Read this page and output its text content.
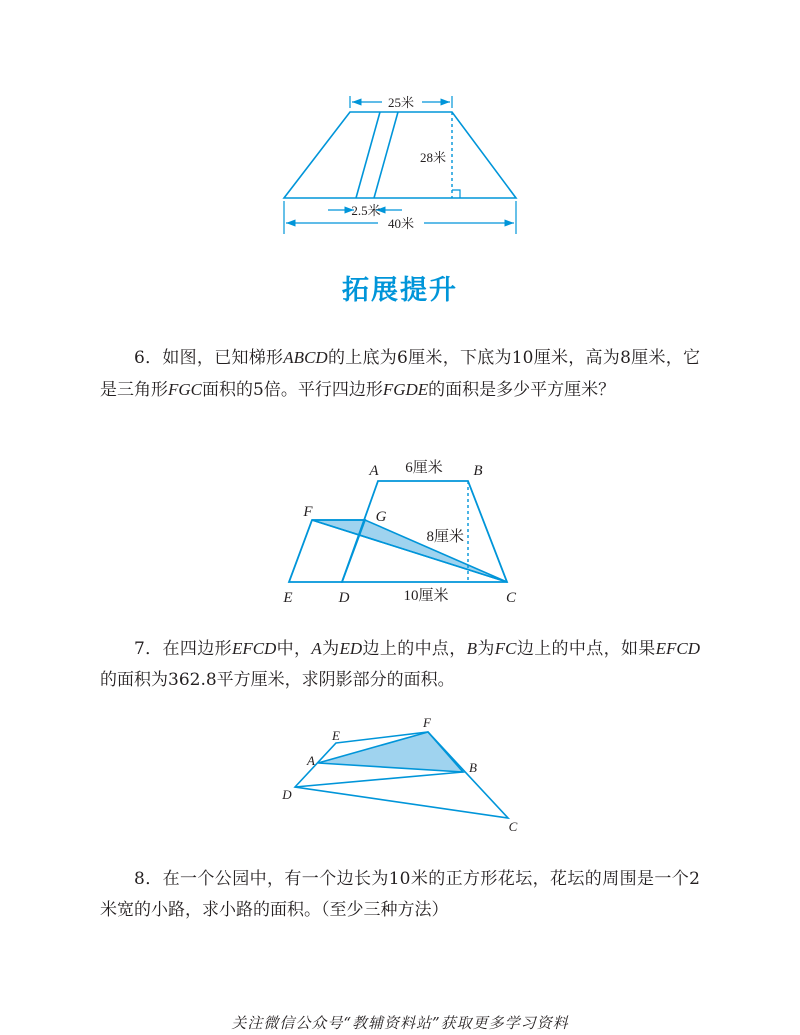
25米
28米
2.5米
40米
拓展提升

6．如图，已知梯形ABCD的上底为6厘米，下底为10厘米，高为8厘米，它是三角形FGC面积的5倍。平行四边形FGDE的面积是多少平方厘米？

A	B
6厘米
F	G
8厘米
E	D	10厘米	C

7．在四边形EFCD中，A为ED边上的中点，B为FC边上的中点，如果EFCD的面积为362.8平方厘米，求阴影部分的面积。

E
F
A	B
D
C

8．在一个公园中，有一个边长为10米的正方形花坛，花坛的周围是一个2米宽的小路，求小路的面积。（至少三种方法）

关注微信公众号“教辅资料站”获取更多学习资料
